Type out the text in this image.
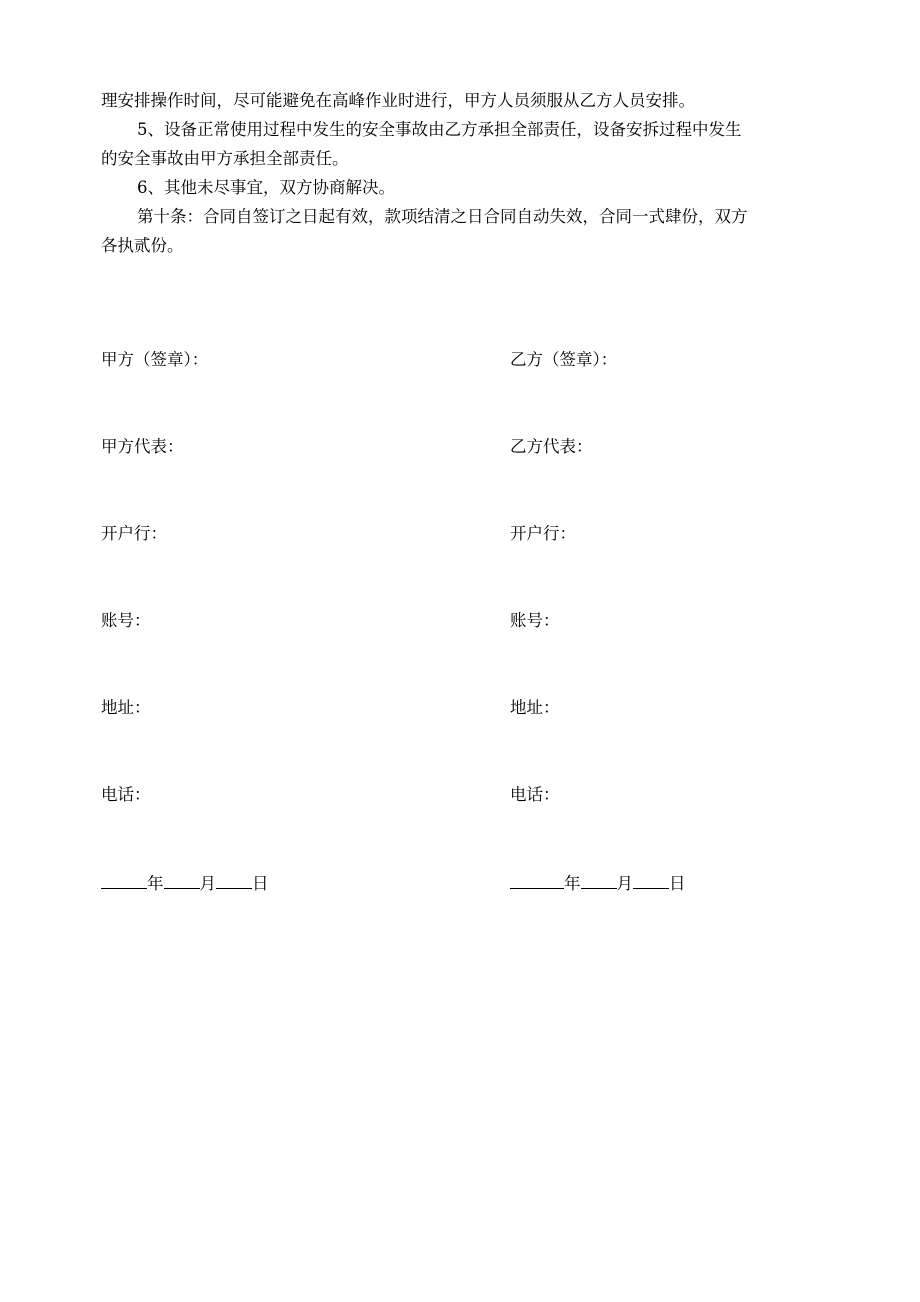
理安排操作时间，尽可能避免在高峰作业时进行，甲方人员须服从乙方人员安排。
5、设备正常使用过程中发生的安全事故由乙方承担全部责任，设备安拆过程中发生
的安全事故由甲方承担全部责任。
6、其他未尽事宜，双方协商解决。
第十条：合同自签订之日起有效，款项结清之日合同自动失效，合同一式肆份，双方
各执贰份。
甲方（签章）：
甲方代表：
开户行：
账号：
地址：
电话：
年 月 日
乙方（签章）：
乙方代表：
开户行：
账号：
地址：
电话：
年 月 日
